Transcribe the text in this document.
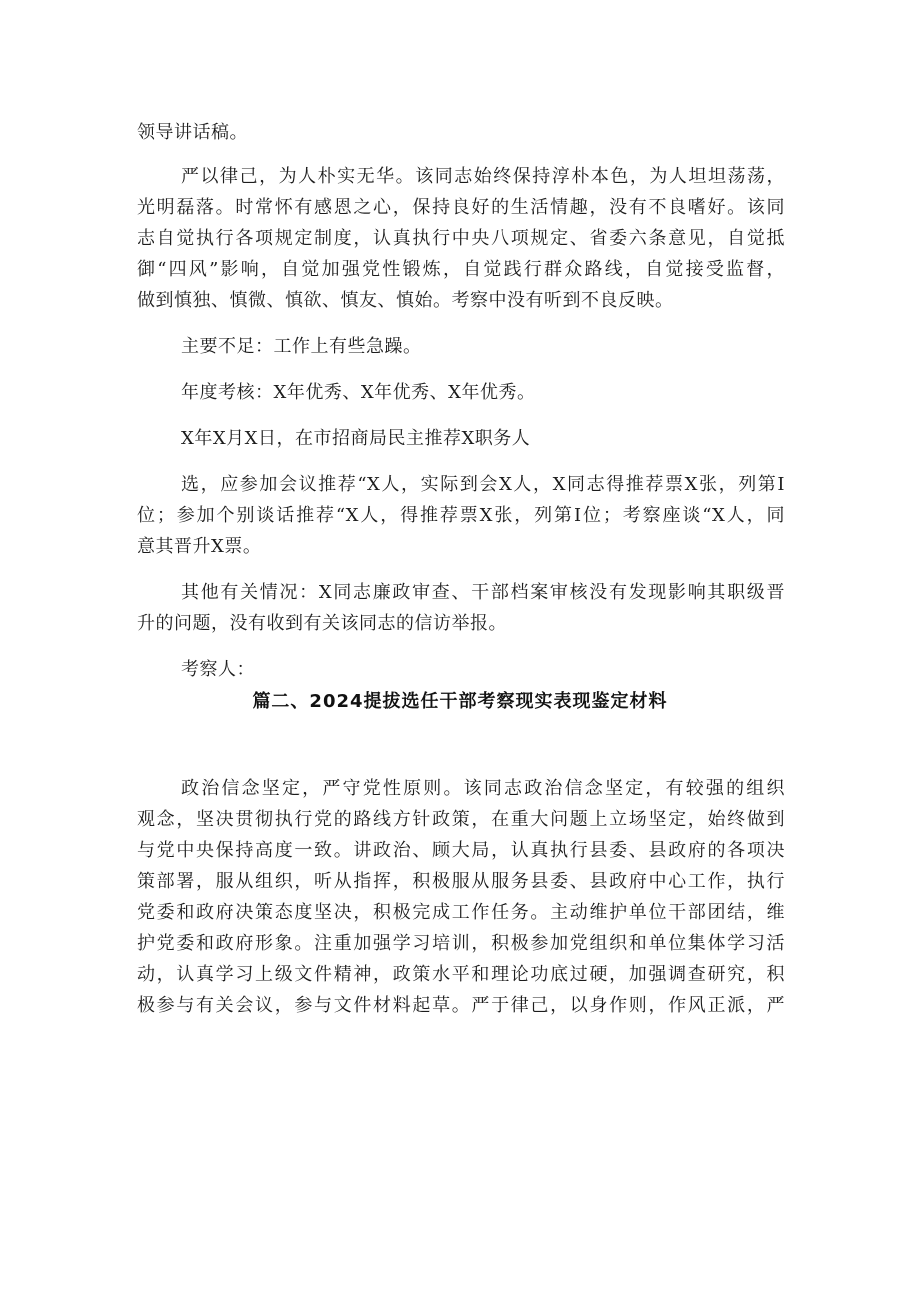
领导讲话稿。
严以律己，为人朴实无华。该同志始终保持淳朴本色，为人坦坦荡荡，
光明磊落。时常怀有感恩之心，保持良好的生活情趣，没有不良嗜好。该同
志自觉执行各项规定制度，认真执行中央八项规定、省委六条意见，自觉抵
御“四风”影响，自觉加强党性锻炼，自觉践行群众路线，自觉接受监督，
做到慎独、慎微、慎欲、慎友、慎始。考察中没有听到不良反映。
主要不足：工作上有些急躁。
年度考核：X年优秀、X年优秀、X年优秀。
X年X月X日，在市招商局民主推荐X职务人
选，应参加会议推荐“X人，实际到会X人，X同志得推荐票X张，列第I
位；参加个别谈话推荐“X人，得推荐票X张，列第I位；考察座谈“X人，同
意其晋升X票。
其他有关情况：X同志廉政审查、干部档案审核没有发现影响其职级晋
升的问题，没有收到有关该同志的信访举报。
考察人：
篇二、2024提拔选任干部考察现实表现鉴定材料
政治信念坚定，严守党性原则。该同志政治信念坚定，有较强的组织
观念，坚决贯彻执行党的路线方针政策，在重大问题上立场坚定，始终做到
与党中央保持高度一致。讲政治、顾大局，认真执行县委、县政府的各项决
策部署，服从组织，听从指挥，积极服从服务县委、县政府中心工作，执行
党委和政府决策态度坚决，积极完成工作任务。主动维护单位干部团结，维
护党委和政府形象。注重加强学习培训，积极参加党组织和单位集体学习活
动，认真学习上级文件精神，政策水平和理论功底过硬，加强调查研究，积
极参与有关会议，参与文件材料起草。严于律己，以身作则，作风正派，严
